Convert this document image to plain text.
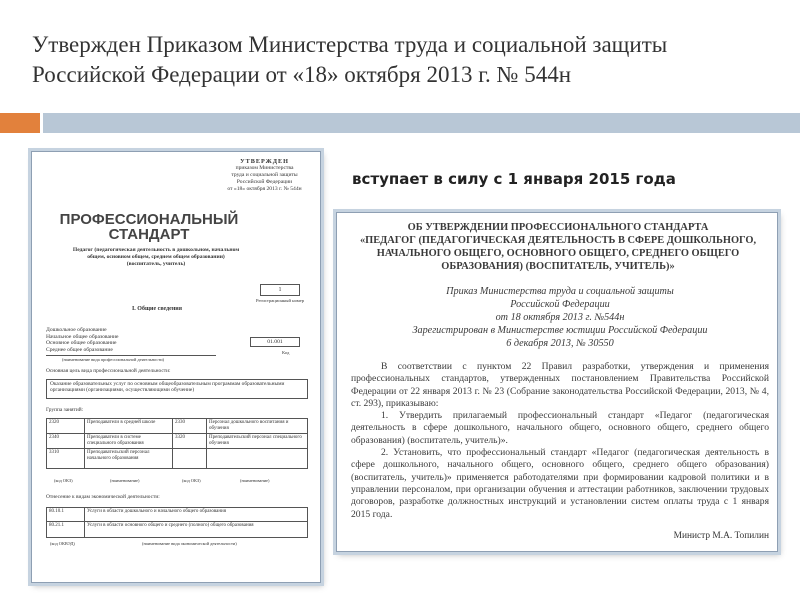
Утвержден Приказом Министерства труда и социальной защиты
Российской Федерации от «18» октября 2013 г. № 544н
УТВЕРЖДЕН
приказом Министерства
труда и социальной защиты
Российской Федерации
от «18» октября 2013 г. № 544н
ПРОФЕССИОНАЛЬНЫЙ
СТАНДАРТ
Педагог (педагогическая деятельность в дошкольном, начальном
общем, основном общем, среднем общем образовании)
(воспитатель, учитель)
1
Регистрационный номер
I. Общие сведения
Дошкольное образование
Начальное общее образование
Основное общее образование
Среднее общее образование
(наименование вида профессиональной деятельности)
01.001
Код
Основная цель вида профессиональной деятельности:
Оказание образовательных услуг по основным общеобразовательным программам образовательными организациями (организациями, осуществляющими обучение)
Группа занятий:
2320	Преподаватели в средней школе	2330	Персонал дошкольного воспитания и обучения
2340	Преподаватели в системе специального образования	3320	Преподавательский персонал специального обучения
3310	Преподавательский персонал начального образования		
(код ОКЗ)	(наименование)	(код ОКЗ)	(наименование)
Отнесение к видам экономической деятельности:
80.10.1	Услуги в области дошкольного и начального общего образования
80.21.1	Услуги в области основного общего и среднего (полного) общего образования
(код ОКВЭД)	(наименование вида экономической деятельности)
вступает в силу с 1 января 2015 года
ОБ УТВЕРЖДЕНИИ ПРОФЕССИОНАЛЬНОГО СТАНДАРТА
«ПЕДАГОГ (ПЕДАГОГИЧЕСКАЯ ДЕЯТЕЛЬНОСТЬ В СФЕРЕ ДОШКОЛЬНОГО,
НАЧАЛЬНОГО ОБЩЕГО, ОСНОВНОГО ОБЩЕГО, СРЕДНЕГО ОБЩЕГО
ОБРАЗОВАНИЯ) (ВОСПИТАТЕЛЬ, УЧИТЕЛЬ)»
Приказ Министерства труда и социальной защиты
Российской Федерации
от 18 октября 2013 г. №544н
Зарегистрирован в Министерстве юстиции Российской Федерации
6 декабря 2013, № 30550

В соответствии с пунктом 22 Правил разработки, утверждения и применения профессиональных стандартов, утвержденных постановлением Правительства Российской Федерации от 22 января 2013 г. № 23 (Собрание законодательства Российской Федерации, 2013, № 4, ст. 293), приказываю:

1. Утвердить прилагаемый профессиональный стандарт «Педагог (педагогическая деятельность в сфере дошкольного, начального общего, основного общего, среднего общего образования) (воспитатель, учитель)».

2. Установить, что профессиональный стандарт «Педагог (педагогическая деятельность в сфере дошкольного, начального общего, основного общего, среднего общего образования) (воспитатель, учитель)» применяется работодателями при формировании кадровой политики и в управлении персоналом, при организации обучения и аттестации работников, заключении трудовых договоров, разработке должностных инструкций и установлении систем оплаты труда с 1 января 2015 года.

Министр М.А. Топилин
